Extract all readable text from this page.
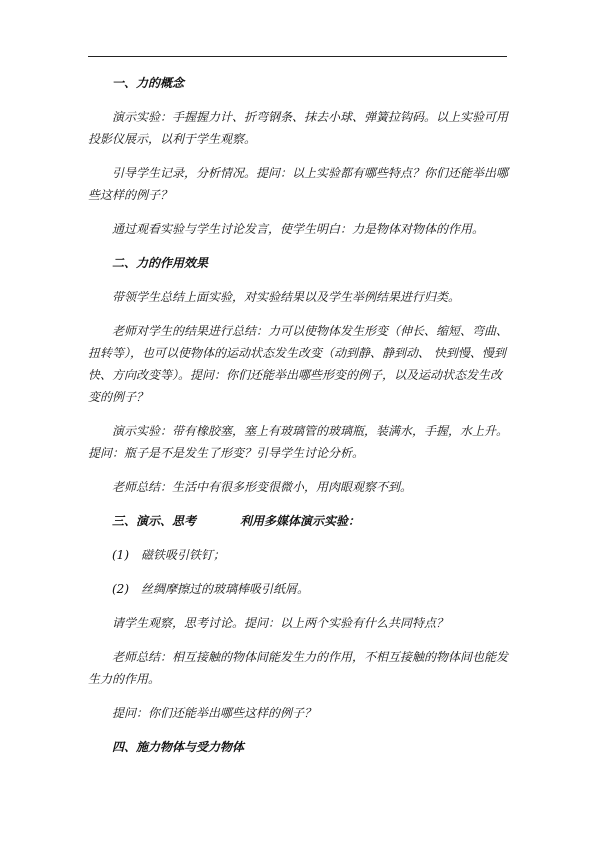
一、力的概念

演示实验：手握握力计、折弯钢条、抹去小球、弹簧拉钩码。以上实验可用投影仪展示，以利于学生观察。

引导学生记录，分析情况。提问：以上实验都有哪些特点？你们还能举出哪些这样的例子？

通过观看实验与学生讨论发言，使学生明白：力是物体对物体的作用。

二、力的作用效果

带领学生总结上面实验，对实验结果以及学生举例结果进行归类。

老师对学生的结果进行总结：力可以使物体发生形变（伸长、缩短、弯曲、扭转等），也可以使物体的运动状态发生改变（动到静、静到动、 快到慢、慢到快、方向改变等）。提问：你们还能举出哪些形变的例子，以及运动状态发生改变的例子？

演示实验：带有橡胶塞，塞上有玻璃管的玻璃瓶，装满水，手握，水上升。提问：瓶子是不是发生了形变？引导学生讨论分析。

老师总结：生活中有很多形变很微小，用肉眼观察不到。

三、演示、思考	利用多媒体演示实验：

(1)　磁铁吸引铁钉；

(2)　丝绸摩擦过的玻璃棒吸引纸屑。

请学生观察，思考讨论。提问：以上两个实验有什么共同特点？

老师总结：相互接触的物体间能发生力的作用，不相互接触的物体间也能发生力的作用。

提问：你们还能举出哪些这样的例子？

四、施力物体与受力物体
